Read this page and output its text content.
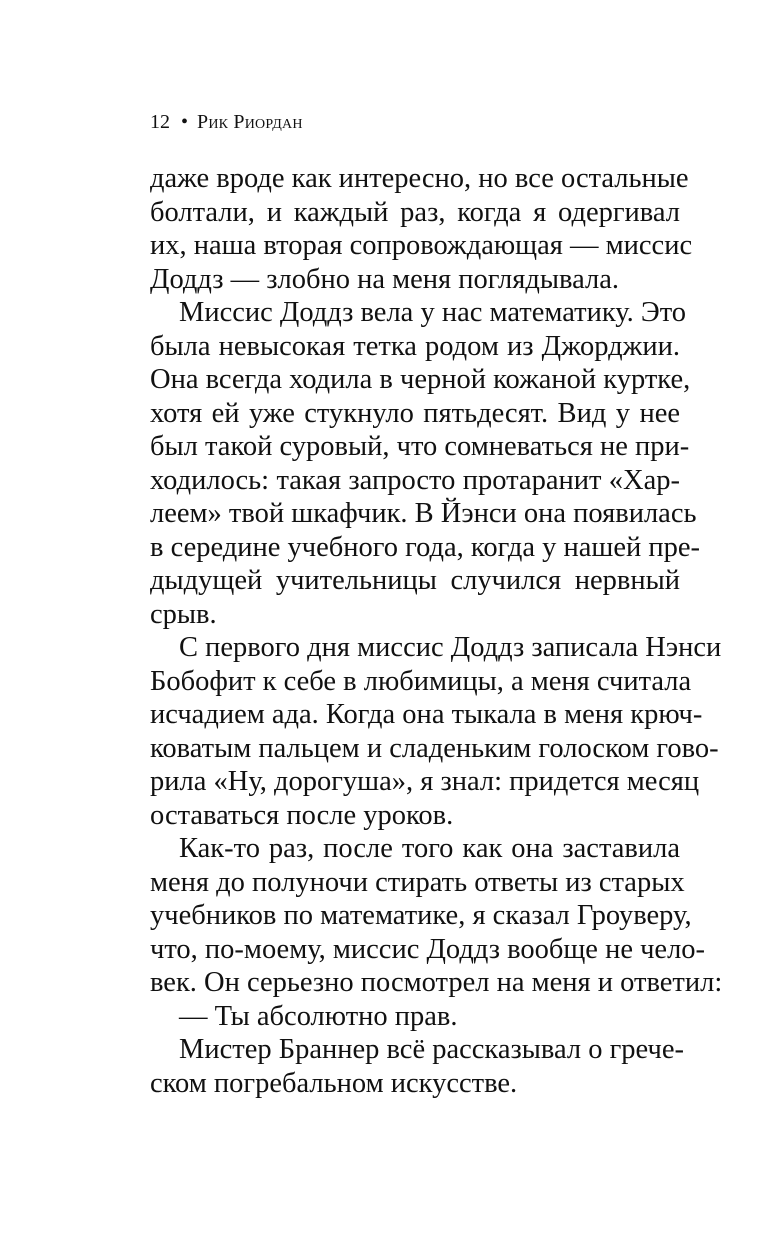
12 • Рик Риордан
даже вроде как интересно, но все остальные
болтали, и каждый раз, когда я одергивал
их, наша вторая сопровождающая — миссис
Доддз — злобно на меня поглядывала.
Миссис Доддз вела у нас математику. Это
была невысокая тетка родом из Джорджии.
Она всегда ходила в черной кожаной куртке,
хотя ей уже стукнуло пятьдесят. Вид у нее
был такой суровый, что сомневаться не при-
ходилось: такая запросто протаранит «Хар-
леем» твой шкафчик. В Йэнси она появилась
в середине учебного года, когда у нашей пре-
дыдущей учительницы случился нервный
срыв.
С первого дня миссис Доддз записала Нэнси
Бобофит к себе в любимицы, а меня считала
исчадием ада. Когда она тыкала в меня крюч-
коватым пальцем и сладеньким голоском гово-
рила «Ну, дорогуша», я знал: придется месяц
оставаться после уроков.
Как-то раз, после того как она заставила
меня до полуночи стирать ответы из старых
учебников по математике, я сказал Гроуверу,
что, по-моему, миссис Доддз вообще не чело-
век. Он серьезно посмотрел на меня и ответил:
— Ты абсолютно прав.
Мистер Браннер всё рассказывал о грече-
ском погребальном искусстве.
